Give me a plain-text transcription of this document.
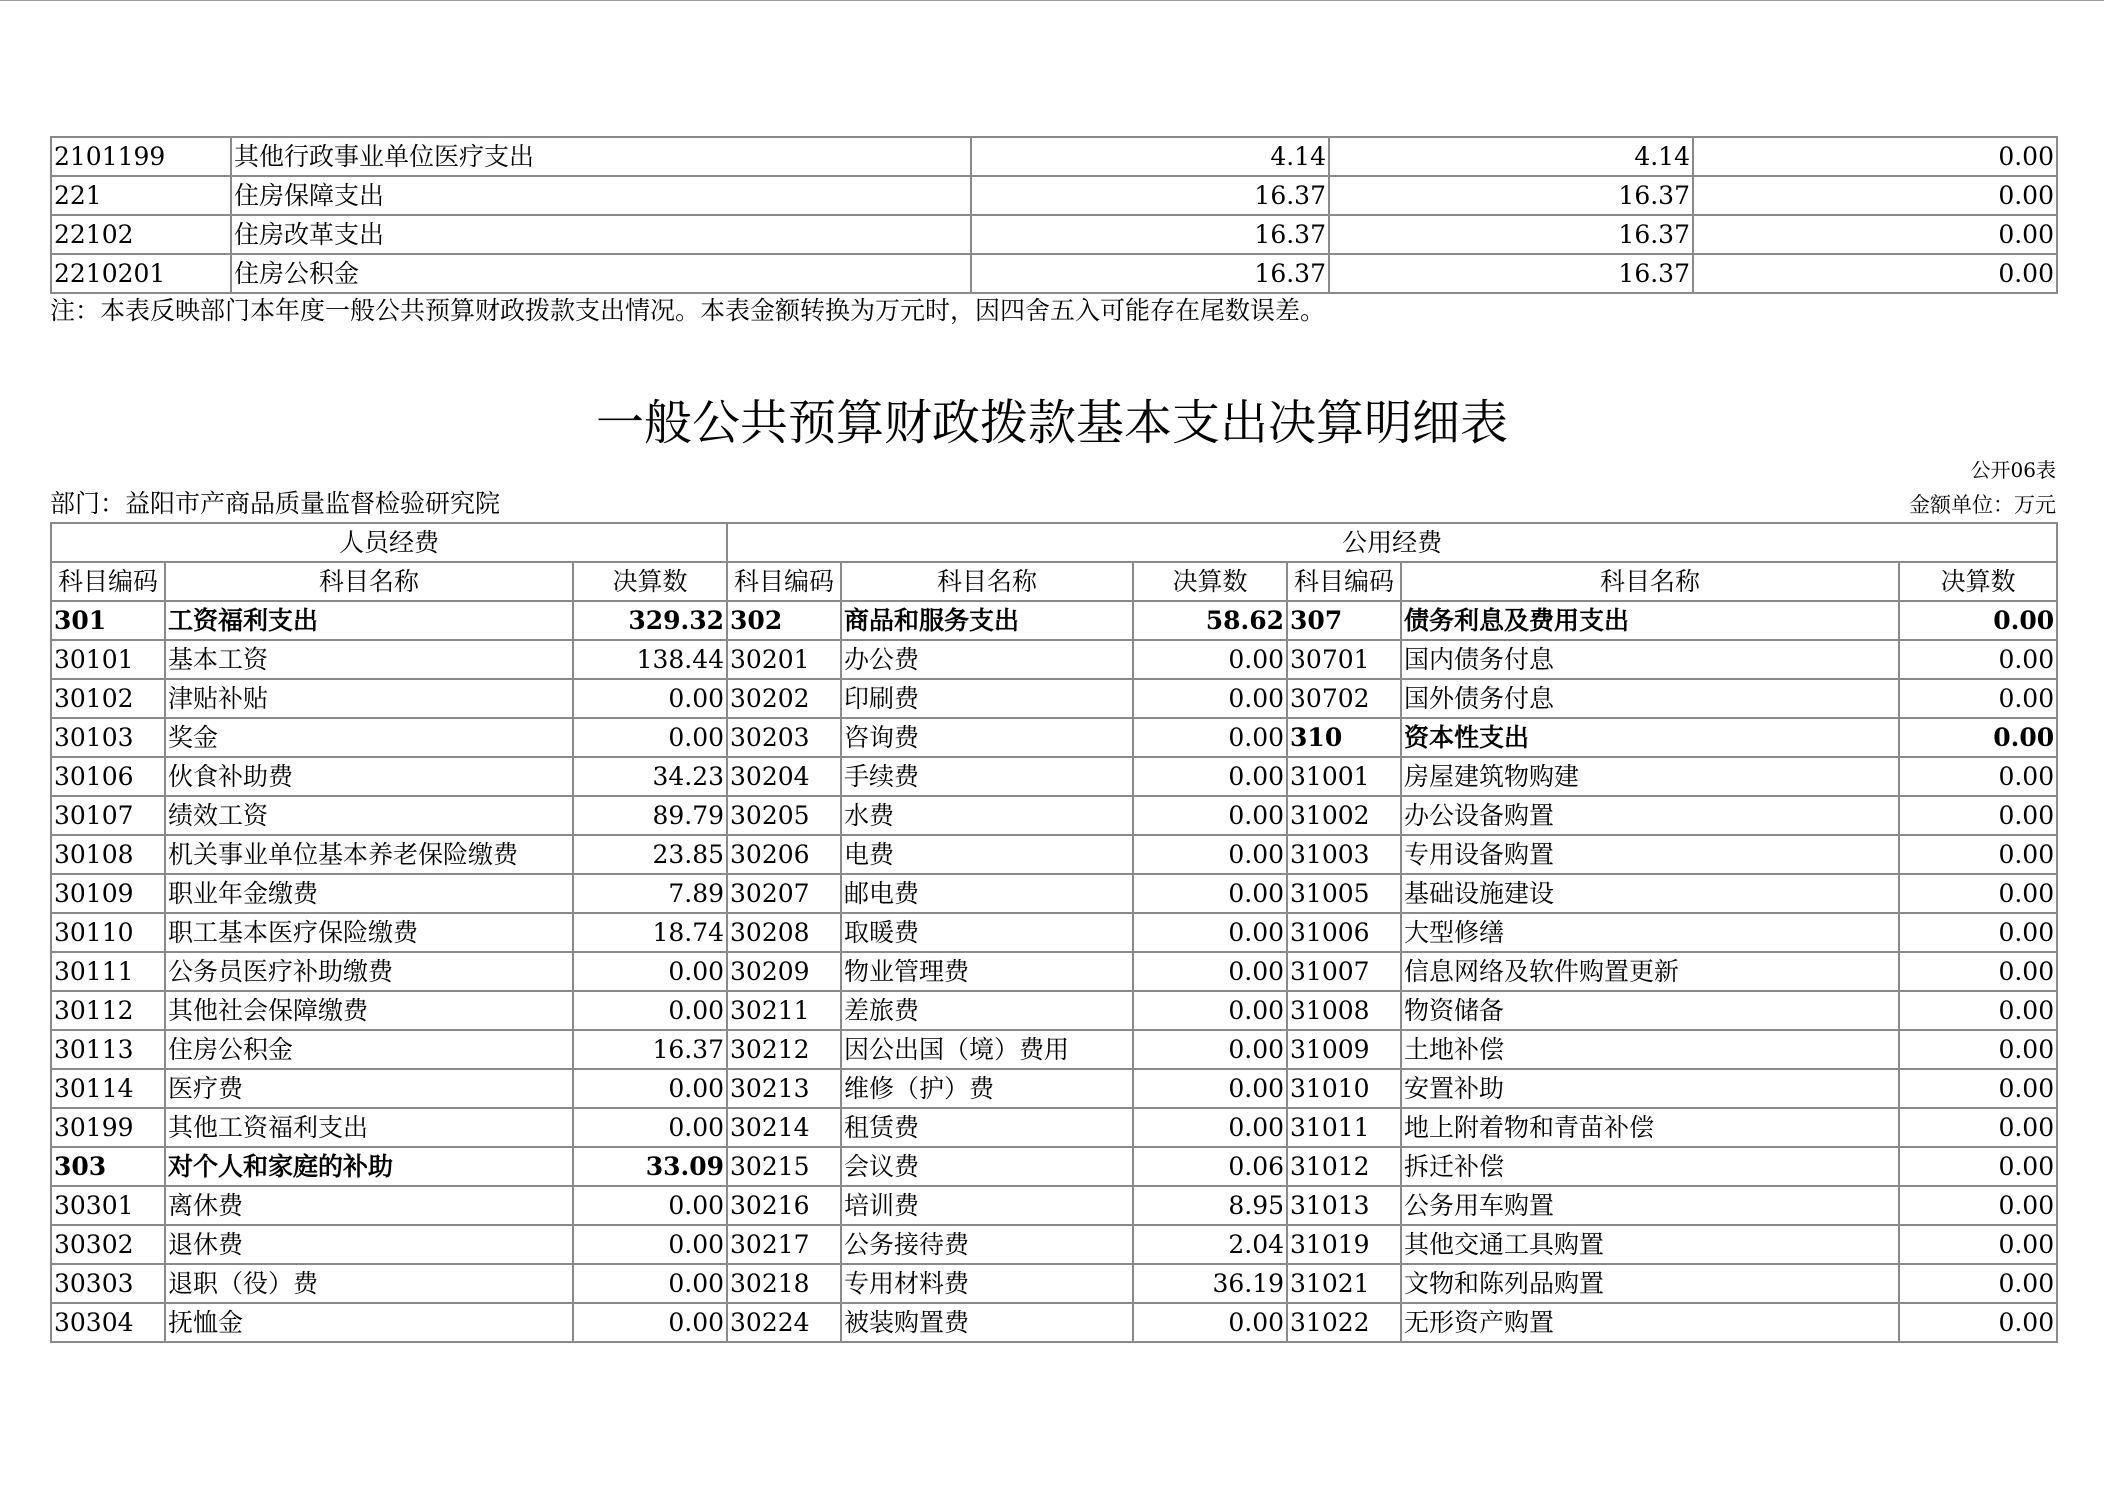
2101199	其他行政事业单位医疗支出	4.14	4.14	0.00
221	住房保障支出	16.37	16.37	0.00
22102	住房改革支出	16.37	16.37	0.00
2210201	住房公积金	16.37	16.37	0.00
注：本表反映部门本年度一般公共预算财政拨款支出情况。本表金额转换为万元时，因四舍五入可能存在尾数误差。
一般公共预算财政拨款基本支出决算明细表
公开06表
部门：益阳市产商品质量监督检验研究院	金额单位：万元
人员经费			公用经费					
科目编码	科目名称	决算数	科目编码	科目名称	决算数	科目编码	科目名称	决算数
301	工资福利支出	329.32	302	商品和服务支出	58.62	307	债务利息及费用支出	0.00
30101	基本工资	138.44	30201	办公费	0.00	30701	国内债务付息	0.00
30102	津贴补贴	0.00	30202	印刷费	0.00	30702	国外债务付息	0.00
30103	奖金	0.00	30203	咨询费	0.00	310	资本性支出	0.00
30106	伙食补助费	34.23	30204	手续费	0.00	31001	房屋建筑物购建	0.00
30107	绩效工资	89.79	30205	水费	0.00	31002	办公设备购置	0.00
30108	机关事业单位基本养老保险缴费	23.85	30206	电费	0.00	31003	专用设备购置	0.00
30109	职业年金缴费	7.89	30207	邮电费	0.00	31005	基础设施建设	0.00
30110	职工基本医疗保险缴费	18.74	30208	取暖费	0.00	31006	大型修缮	0.00
30111	公务员医疗补助缴费	0.00	30209	物业管理费	0.00	31007	信息网络及软件购置更新	0.00
30112	其他社会保障缴费	0.00	30211	差旅费	0.00	31008	物资储备	0.00
30113	住房公积金	16.37	30212	因公出国（境）费用	0.00	31009	土地补偿	0.00
30114	医疗费	0.00	30213	维修（护）费	0.00	31010	安置补助	0.00
30199	其他工资福利支出	0.00	30214	租赁费	0.00	31011	地上附着物和青苗补偿	0.00
303	对个人和家庭的补助	33.09	30215	会议费	0.06	31012	拆迁补偿	0.00
30301	离休费	0.00	30216	培训费	8.95	31013	公务用车购置	0.00
30302	退休费	0.00	30217	公务接待费	2.04	31019	其他交通工具购置	0.00
30303	退职（役）费	0.00	30218	专用材料费	36.19	31021	文物和陈列品购置	0.00
30304	抚恤金	0.00	30224	被装购置费	0.00	31022	无形资产购置	0.00
